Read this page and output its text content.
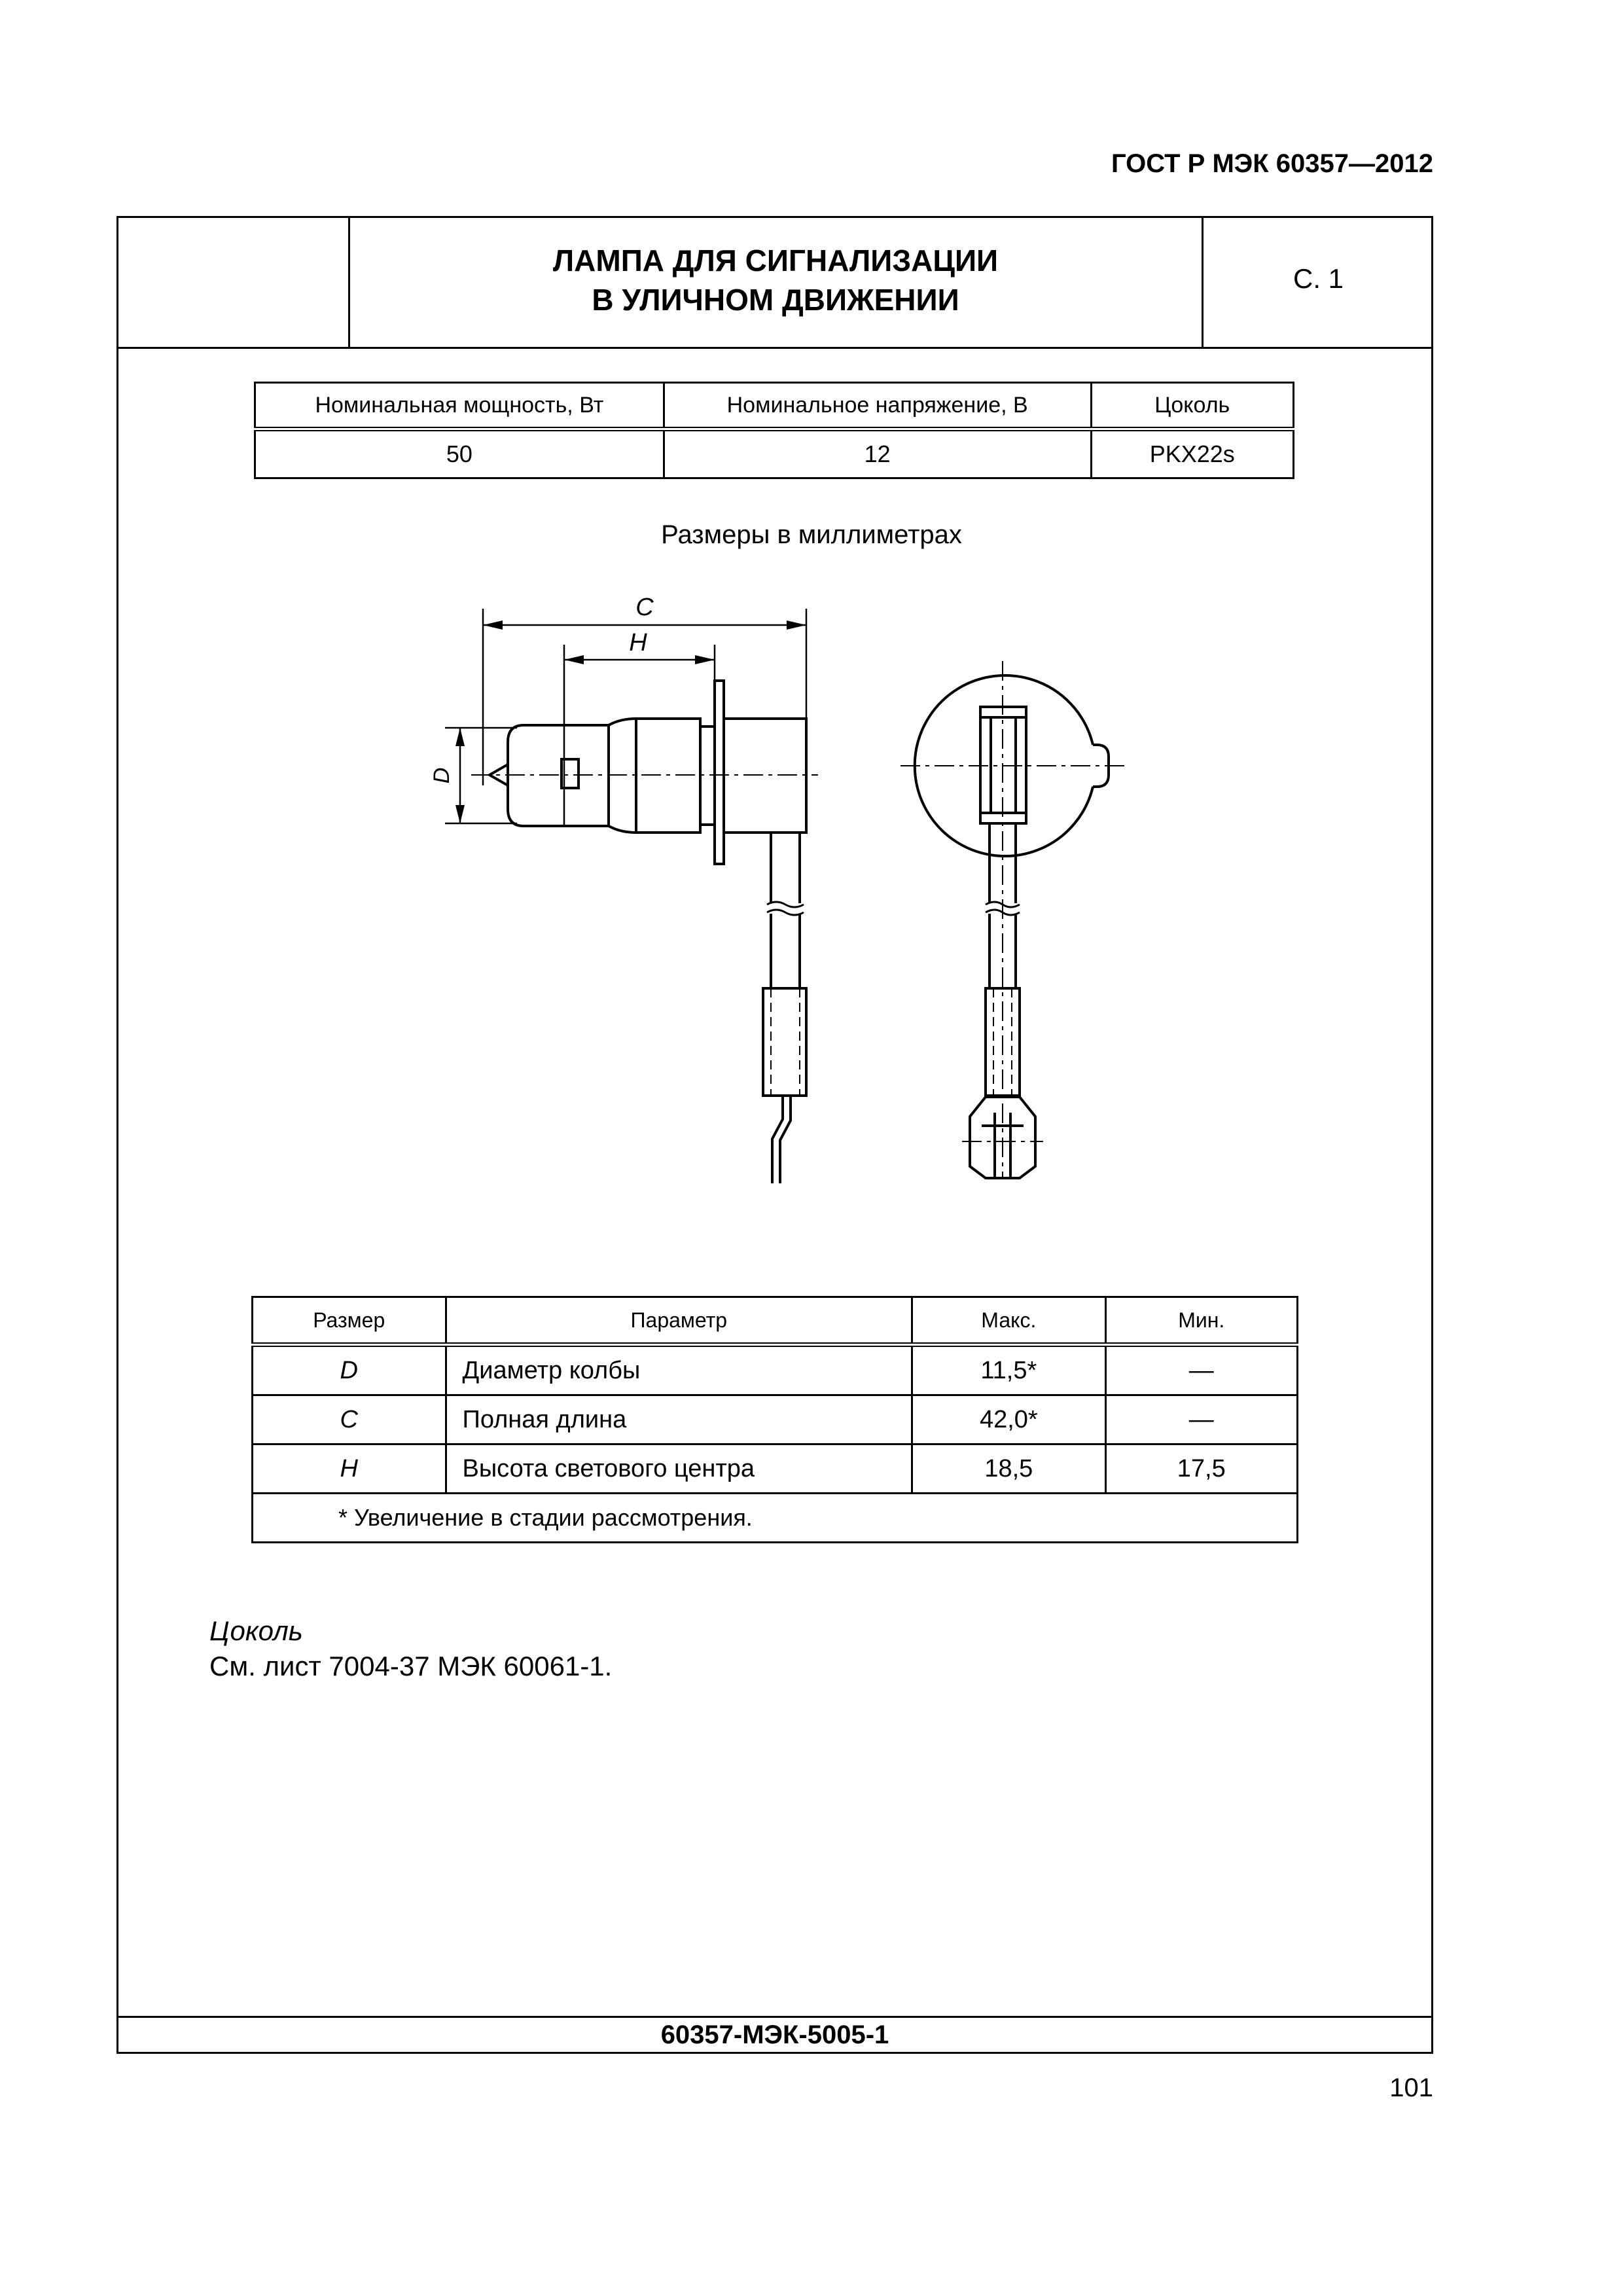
ГОСТ Р МЭК 60357—2012
ЛАМПА ДЛЯ СИГНАЛИЗАЦИИ
В УЛИЧНОМ ДВИЖЕНИИ
С. 1
Номинальная мощность, Вт	Номинальное напряжение, В	Цоколь
50	12	PKX22s
Размеры в миллиметрах
C
H
D
Размер	Параметр	Макс.	Мин.
D	Диаметр колбы	11,5*	—
C	Полная длина	42,0*	—
H	Высота светового центра	18,5	17,5
* Увеличение в стадии рассмотрения.			
Цоколь
См. лист 7004-37 МЭК 60061-1.
60357-МЭК-5005-1
101
